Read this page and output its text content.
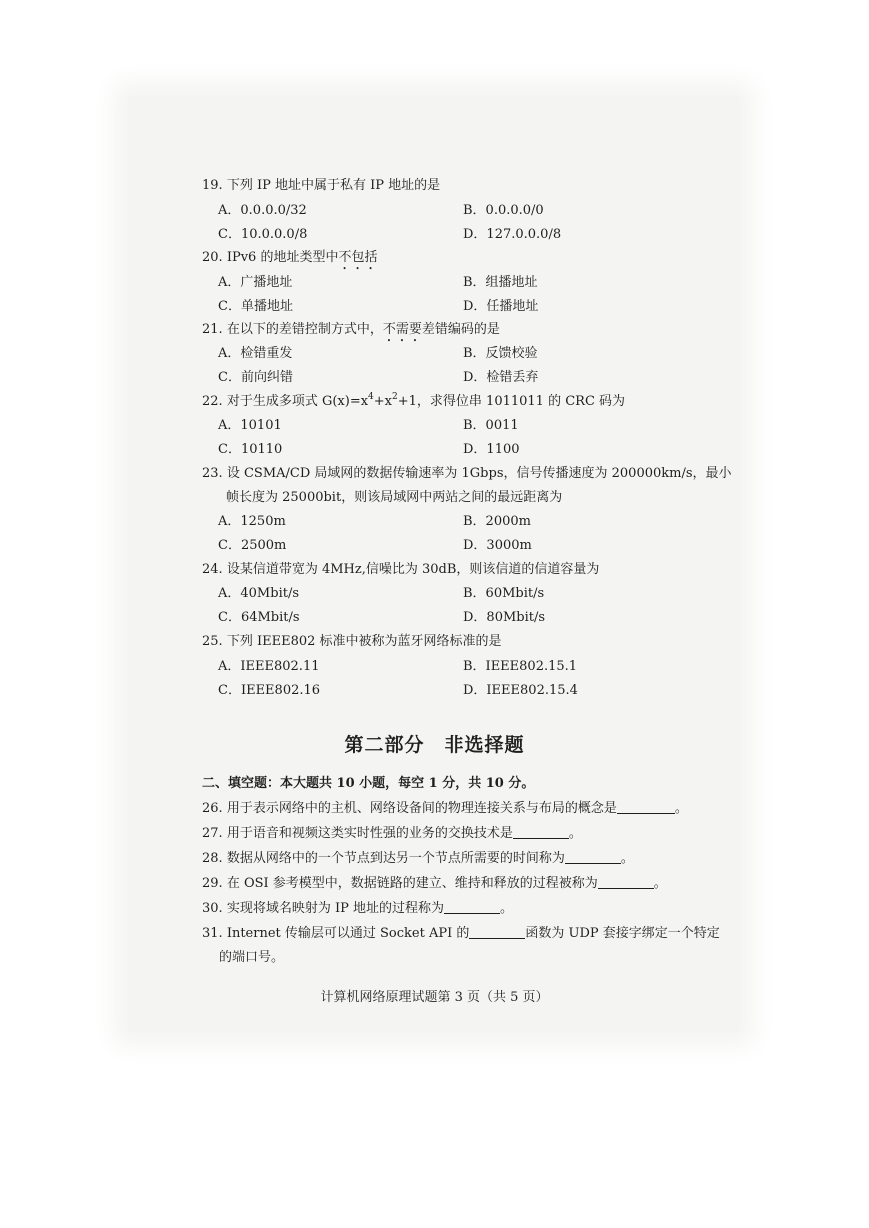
19. 下列 IP 地址中属于私有 IP 地址的是
A．0.0.0.0/32	B．0.0.0.0/0
C．10.0.0.0/8	D．127.0.0.0/8
20. IPv6 的地址类型中不包括
A．广播地址	B．组播地址
C．单播地址	D．任播地址
21. 在以下的差错控制方式中，不需要差错编码的是
A．检错重发	B．反馈校验
C．前向纠错	D．检错丢弃
22. 对于生成多项式 $G(x)=x^4+x^2+1$，求得位串 1011011 的 CRC 码为
A．10101	B．0011
C．10110	D．1100
23. 设 CSMA/CD 局域网的数据传输速率为 1Gbps，信号传播速度为 200000km/s，最小
帧长度为 25000bit，则该局域网中两站之间的最远距离为
A．1250m	B．2000m
C．2500m	D．3000m
24. 设某信道带宽为 4MHz,信噪比为 30dB，则该信道的信道容量为
A．40Mbit/s	B．60Mbit/s
C．64Mbit/s	D．80Mbit/s
25. 下列 IEEE802 标准中被称为蓝牙网络标准的是
A．IEEE802.11	B．IEEE802.15.1
C．IEEE802.16	D．IEEE802.15.4
第二部分　非选择题
二、填空题：本大题共 10 小题，每空 1 分，共 10 分。
26. 用于表示网络中的主机、网络设备间的物理连接关系与布局的概念是	。
27. 用于语音和视频这类实时性强的业务的交换技术是	。
28. 数据从网络中的一个节点到达另一个节点所需要的时间称为	。
29. 在 OSI 参考模型中，数据链路的建立、维持和释放的过程被称为	。
30. 实现将域名映射为 IP 地址的过程称为	。
31. Internet 传输层可以通过 Socket API 的	函数为 UDP 套接字绑定一个特定
的端口号。
计算机网络原理试题第 3 页（共 5 页）
